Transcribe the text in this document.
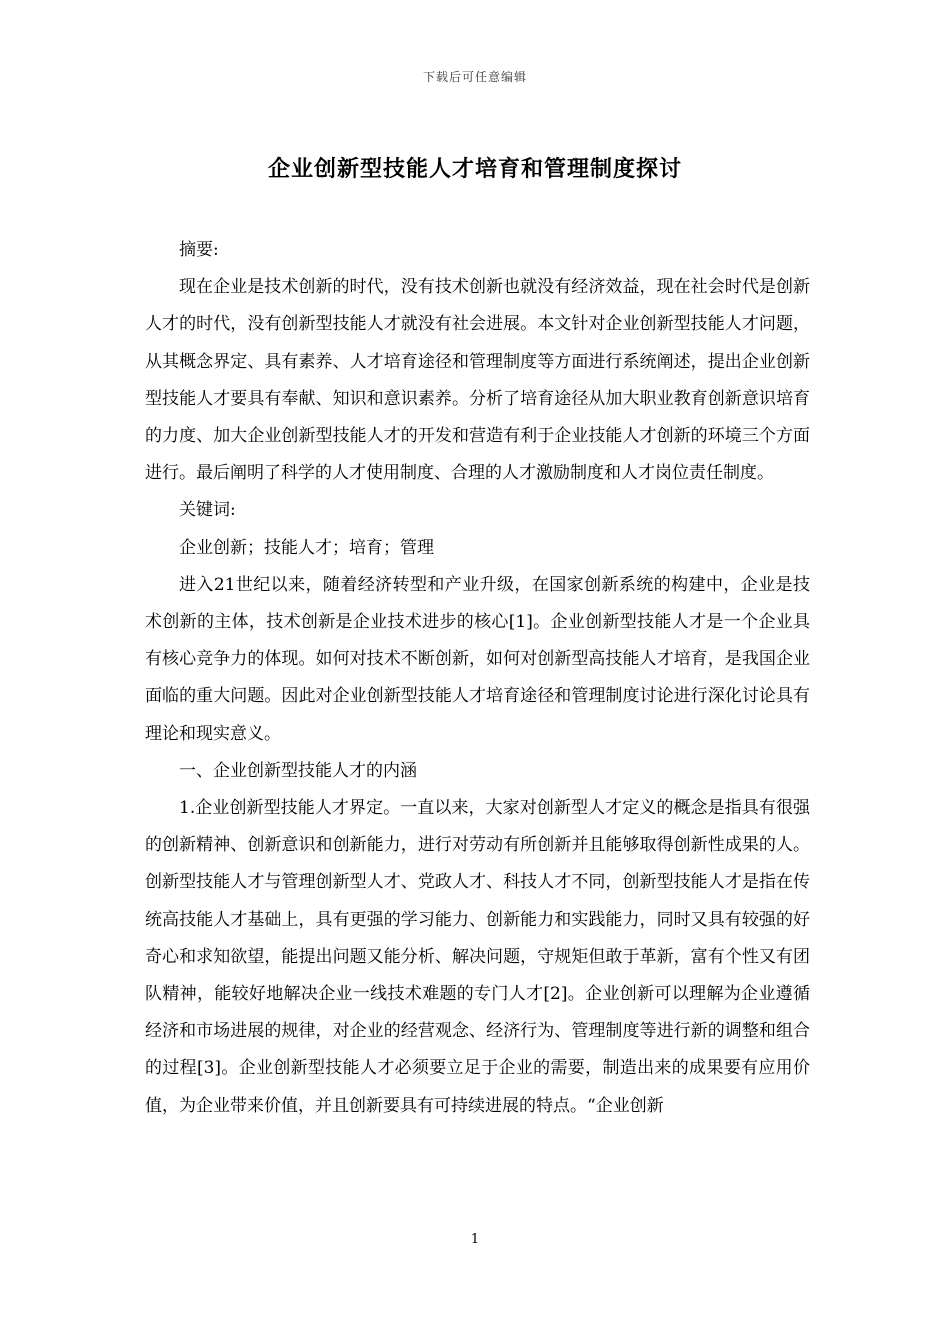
下载后可任意编辑
企业创新型技能人才培育和管理制度探讨

摘要:

现在企业是技术创新的时代，没有技术创新也就没有经济效益，现在社会时代是创新人才的时代，没有创新型技能人才就没有社会进展。本文针对企业创新型技能人才问题，从其概念界定、具有素养、人才培育途径和管理制度等方面进行系统阐述，提出企业创新型技能人才要具有奉献、知识和意识素养。分析了培育途径从加大职业教育创新意识培育的力度、加大企业创新型技能人才的开发和营造有利于企业技能人才创新的环境三个方面进行。最后阐明了科学的人才使用制度、合理的人才激励制度和人才岗位责任制度。

关键词:

企业创新；技能人才；培育；管理

进入21世纪以来，随着经济转型和产业升级，在国家创新系统的构建中，企业是技术创新的主体，技术创新是企业技术进步的核心[1]。企业创新型技能人才是一个企业具有核心竞争力的体现。如何对技术不断创新，如何对创新型高技能人才培育，是我国企业面临的重大问题。因此对企业创新型技能人才培育途径和管理制度讨论进行深化讨论具有理论和现实意义。

一、企业创新型技能人才的内涵

1.企业创新型技能人才界定。一直以来，大家对创新型人才定义的概念是指具有很强的创新精神、创新意识和创新能力，进行对劳动有所创新并且能够取得创新性成果的人。创新型技能人才与管理创新型人才、党政人才、科技人才不同，创新型技能人才是指在传统高技能人才基础上，具有更强的学习能力、创新能力和实践能力，同时又具有较强的好奇心和求知欲望，能提出问题又能分析、解决问题，守规矩但敢于革新，富有个性又有团队精神，能较好地解决企业一线技术难题的专门人才[2]。企业创新可以理解为企业遵循经济和市场进展的规律，对企业的经营观念、经济行为、管理制度等进行新的调整和组合的过程[3]。企业创新型技能人才必须要立足于企业的需要，制造出来的成果要有应用价值，为企业带来价值，并且创新要具有可持续进展的特点。“企业创新

1
